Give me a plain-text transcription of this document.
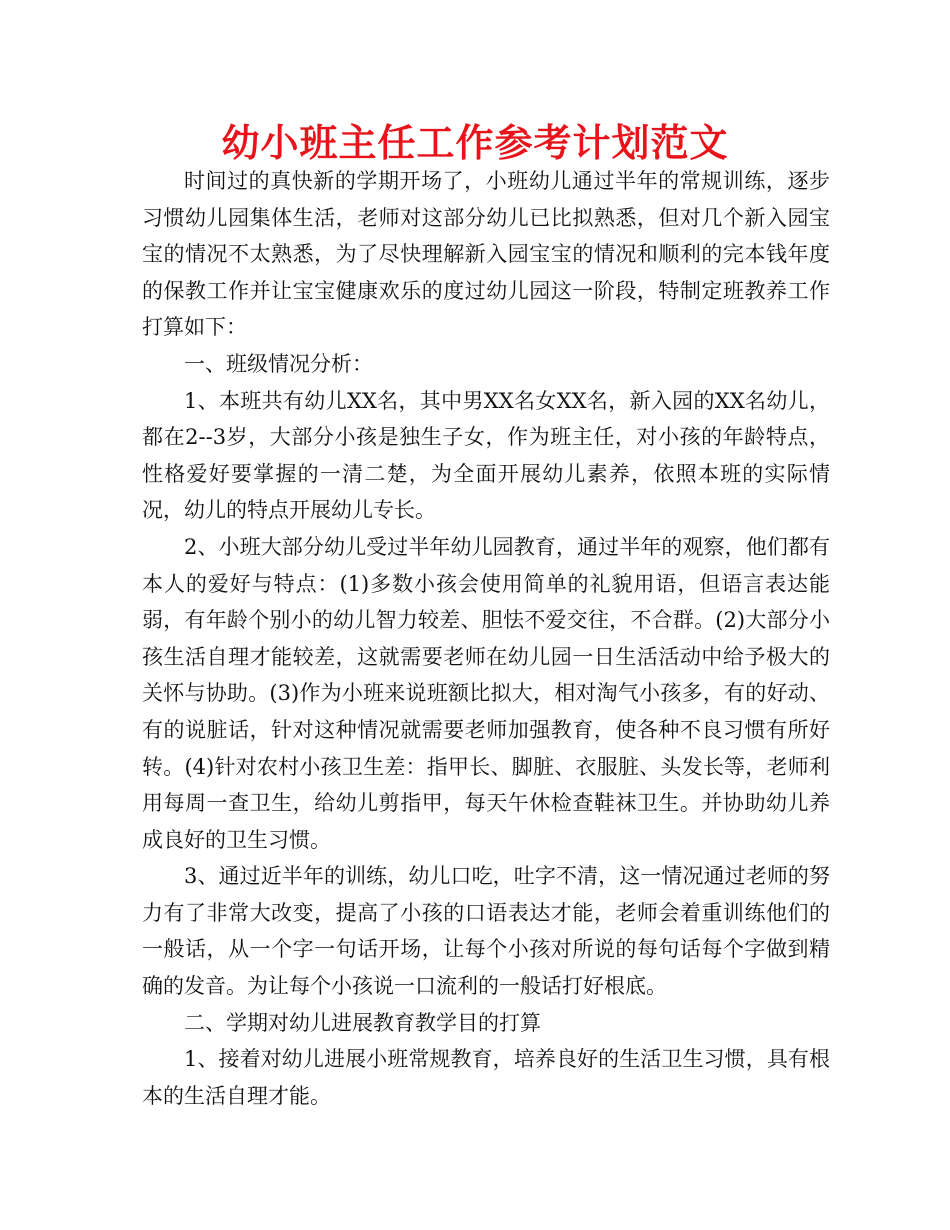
幼小班主任工作参考计划范文

时间过的真快新的学期开场了，小班幼儿通过半年的常规训练，逐步习惯幼儿园集体生活，老师对这部分幼儿已比拟熟悉，但对几个新入园宝宝的情况不太熟悉，为了尽快理解新入园宝宝的情况和顺利的完本钱年度的保教工作并让宝宝健康欢乐的度过幼儿园这一阶段，特制定班教养工作打算如下：

一、班级情况分析：

1、本班共有幼儿XX名，其中男XX名女XX名，新入园的XX名幼儿，都在2--3岁，大部分小孩是独生子女，作为班主任，对小孩的年龄特点，性格爱好要掌握的一清二楚，为全面开展幼儿素养，依照本班的实际情况，幼儿的特点开展幼儿专长。

2、小班大部分幼儿受过半年幼儿园教育，通过半年的观察，他们都有本人的爱好与特点：(1)多数小孩会使用简单的礼貌用语，但语言表达能弱，有年龄个别小的幼儿智力较差、胆怯不爱交往，不合群。(2)大部分小孩生活自理才能较差，这就需要老师在幼儿园一日生活活动中给予极大的关怀与协助。(3)作为小班来说班额比拟大，相对淘气小孩多，有的好动、有的说脏话，针对这种情况就需要老师加强教育，使各种不良习惯有所好转。(4)针对农村小孩卫生差：指甲长、脚脏、衣服脏、头发长等，老师利用每周一查卫生，给幼儿剪指甲，每天午休检查鞋袜卫生。并协助幼儿养成良好的卫生习惯。

3、通过近半年的训练，幼儿口吃，吐字不清，这一情况通过老师的努力有了非常大改变，提高了小孩的口语表达才能，老师会着重训练他们的一般话，从一个字一句话开场，让每个小孩对所说的每句话每个字做到精确的发音。为让每个小孩说一口流利的一般话打好根底。

二、学期对幼儿进展教育教学目的打算

1、接着对幼儿进展小班常规教育，培养良好的生活卫生习惯，具有根本的生活自理才能。
